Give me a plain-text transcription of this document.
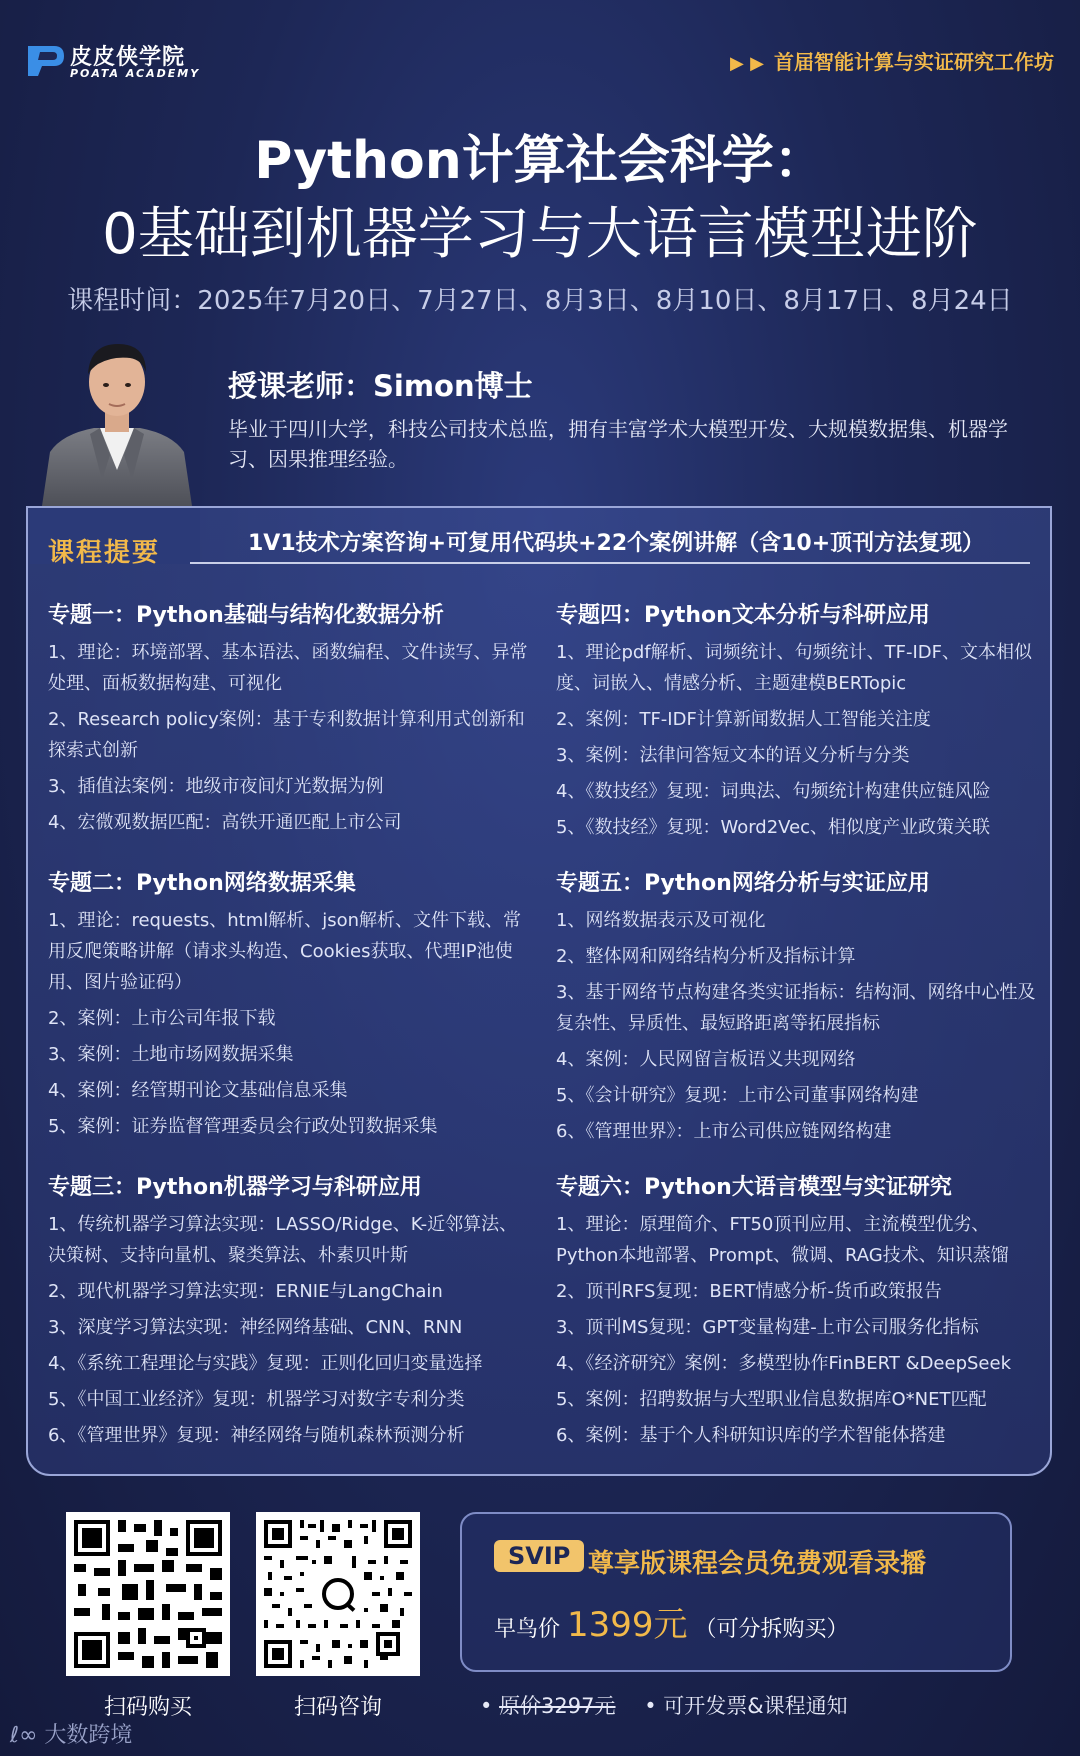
皮皮侠学院
POATA ACADEMY	▶ ▶ 首届智能计算与实证研究工作坊
Python计算社会科学：
0基础到机器学习与大语言模型进阶
课程时间：2025年7月20日、7月27日、8月3日、8月10日、8月17日、8月24日
授课老师：Simon博士
毕业于四川大学，科技公司技术总监，拥有丰富学术大模型开发、大规模数据集、机器学习、因果推理经验。
课程提要	1V1技术方案咨询+可复用代码块+22个案例讲解（含10+顶刊方法复现）
专题一：Python基础与结构化数据分析
1、理论：环境部署、基本语法、函数编程、文件读写、异常处理、面板数据构建、可视化
2、Research policy案例：基于专利数据计算利用式创新和探索式创新
3、插值法案例：地级市夜间灯光数据为例
4、宏微观数据匹配：高铁开通匹配上市公司
专题二：Python网络数据采集
1、理论：requests、html解析、json解析、文件下载、常用反爬策略讲解（请求头构造、Cookies获取、代理IP池使用、图片验证码）
2、案例：上市公司年报下载
3、案例：土地市场网数据采集
4、案例：经管期刊论文基础信息采集
5、案例：证券监督管理委员会行政处罚数据采集
专题三：Python机器学习与科研应用
1、传统机器学习算法实现：LASSO/Ridge、K-近邻算法、决策树、支持向量机、聚类算法、朴素贝叶斯
2、现代机器学习算法实现：ERNIE与LangChain
3、深度学习算法实现：神经网络基础、CNN、RNN
4、《系统工程理论与实践》复现：正则化回归变量选择
5、《中国工业经济》复现：机器学习对数字专利分类
6、《管理世界》复现：神经网络与随机森林预测分析
专题四：Python文本分析与科研应用
1、理论pdf解析、词频统计、句频统计、TF-IDF、文本相似度、词嵌入、情感分析、主题建模BERTopic
2、案例：TF-IDF计算新闻数据人工智能关注度
3、案例：法律问答短文本的语义分析与分类
4、《数技经》复现：词典法、句频统计构建供应链风险
5、《数技经》复现：Word2Vec、相似度产业政策关联
专题五：Python网络分析与实证应用
1、网络数据表示及可视化
2、整体网和网络结构分析及指标计算
3、基于网络节点构建各类实证指标：结构洞、网络中心性及复杂性、异质性、最短路距离等拓展指标
4、案例：人民网留言板语义共现网络
5、《会计研究》复现：上市公司董事网络构建
6、《管理世界》：上市公司供应链网络构建
专题六：Python大语言模型与实证研究
1、理论：原理简介、FT50顶刊应用、主流模型优劣、Python本地部署、Prompt、微调、RAG技术、知识蒸馏
2、顶刊RFS复现：BERT情感分析-货币政策报告
3、顶刊MS复现：GPT变量构建-上市公司服务化指标
4、《经济研究》案例：多模型协作FinBERT &DeepSeek
5、案例：招聘数据与大型职业信息数据库O*NET匹配
6、案例：基于个人科研知识库的学术智能体搭建
扫码购买	扫码咨询
SVIP 尊享版课程会员免费观看录播
早鸟价 1399元 （可分拆购买）
• 原价3297元 • 可开发票&课程通知
ℓ∞ 大数跨境
